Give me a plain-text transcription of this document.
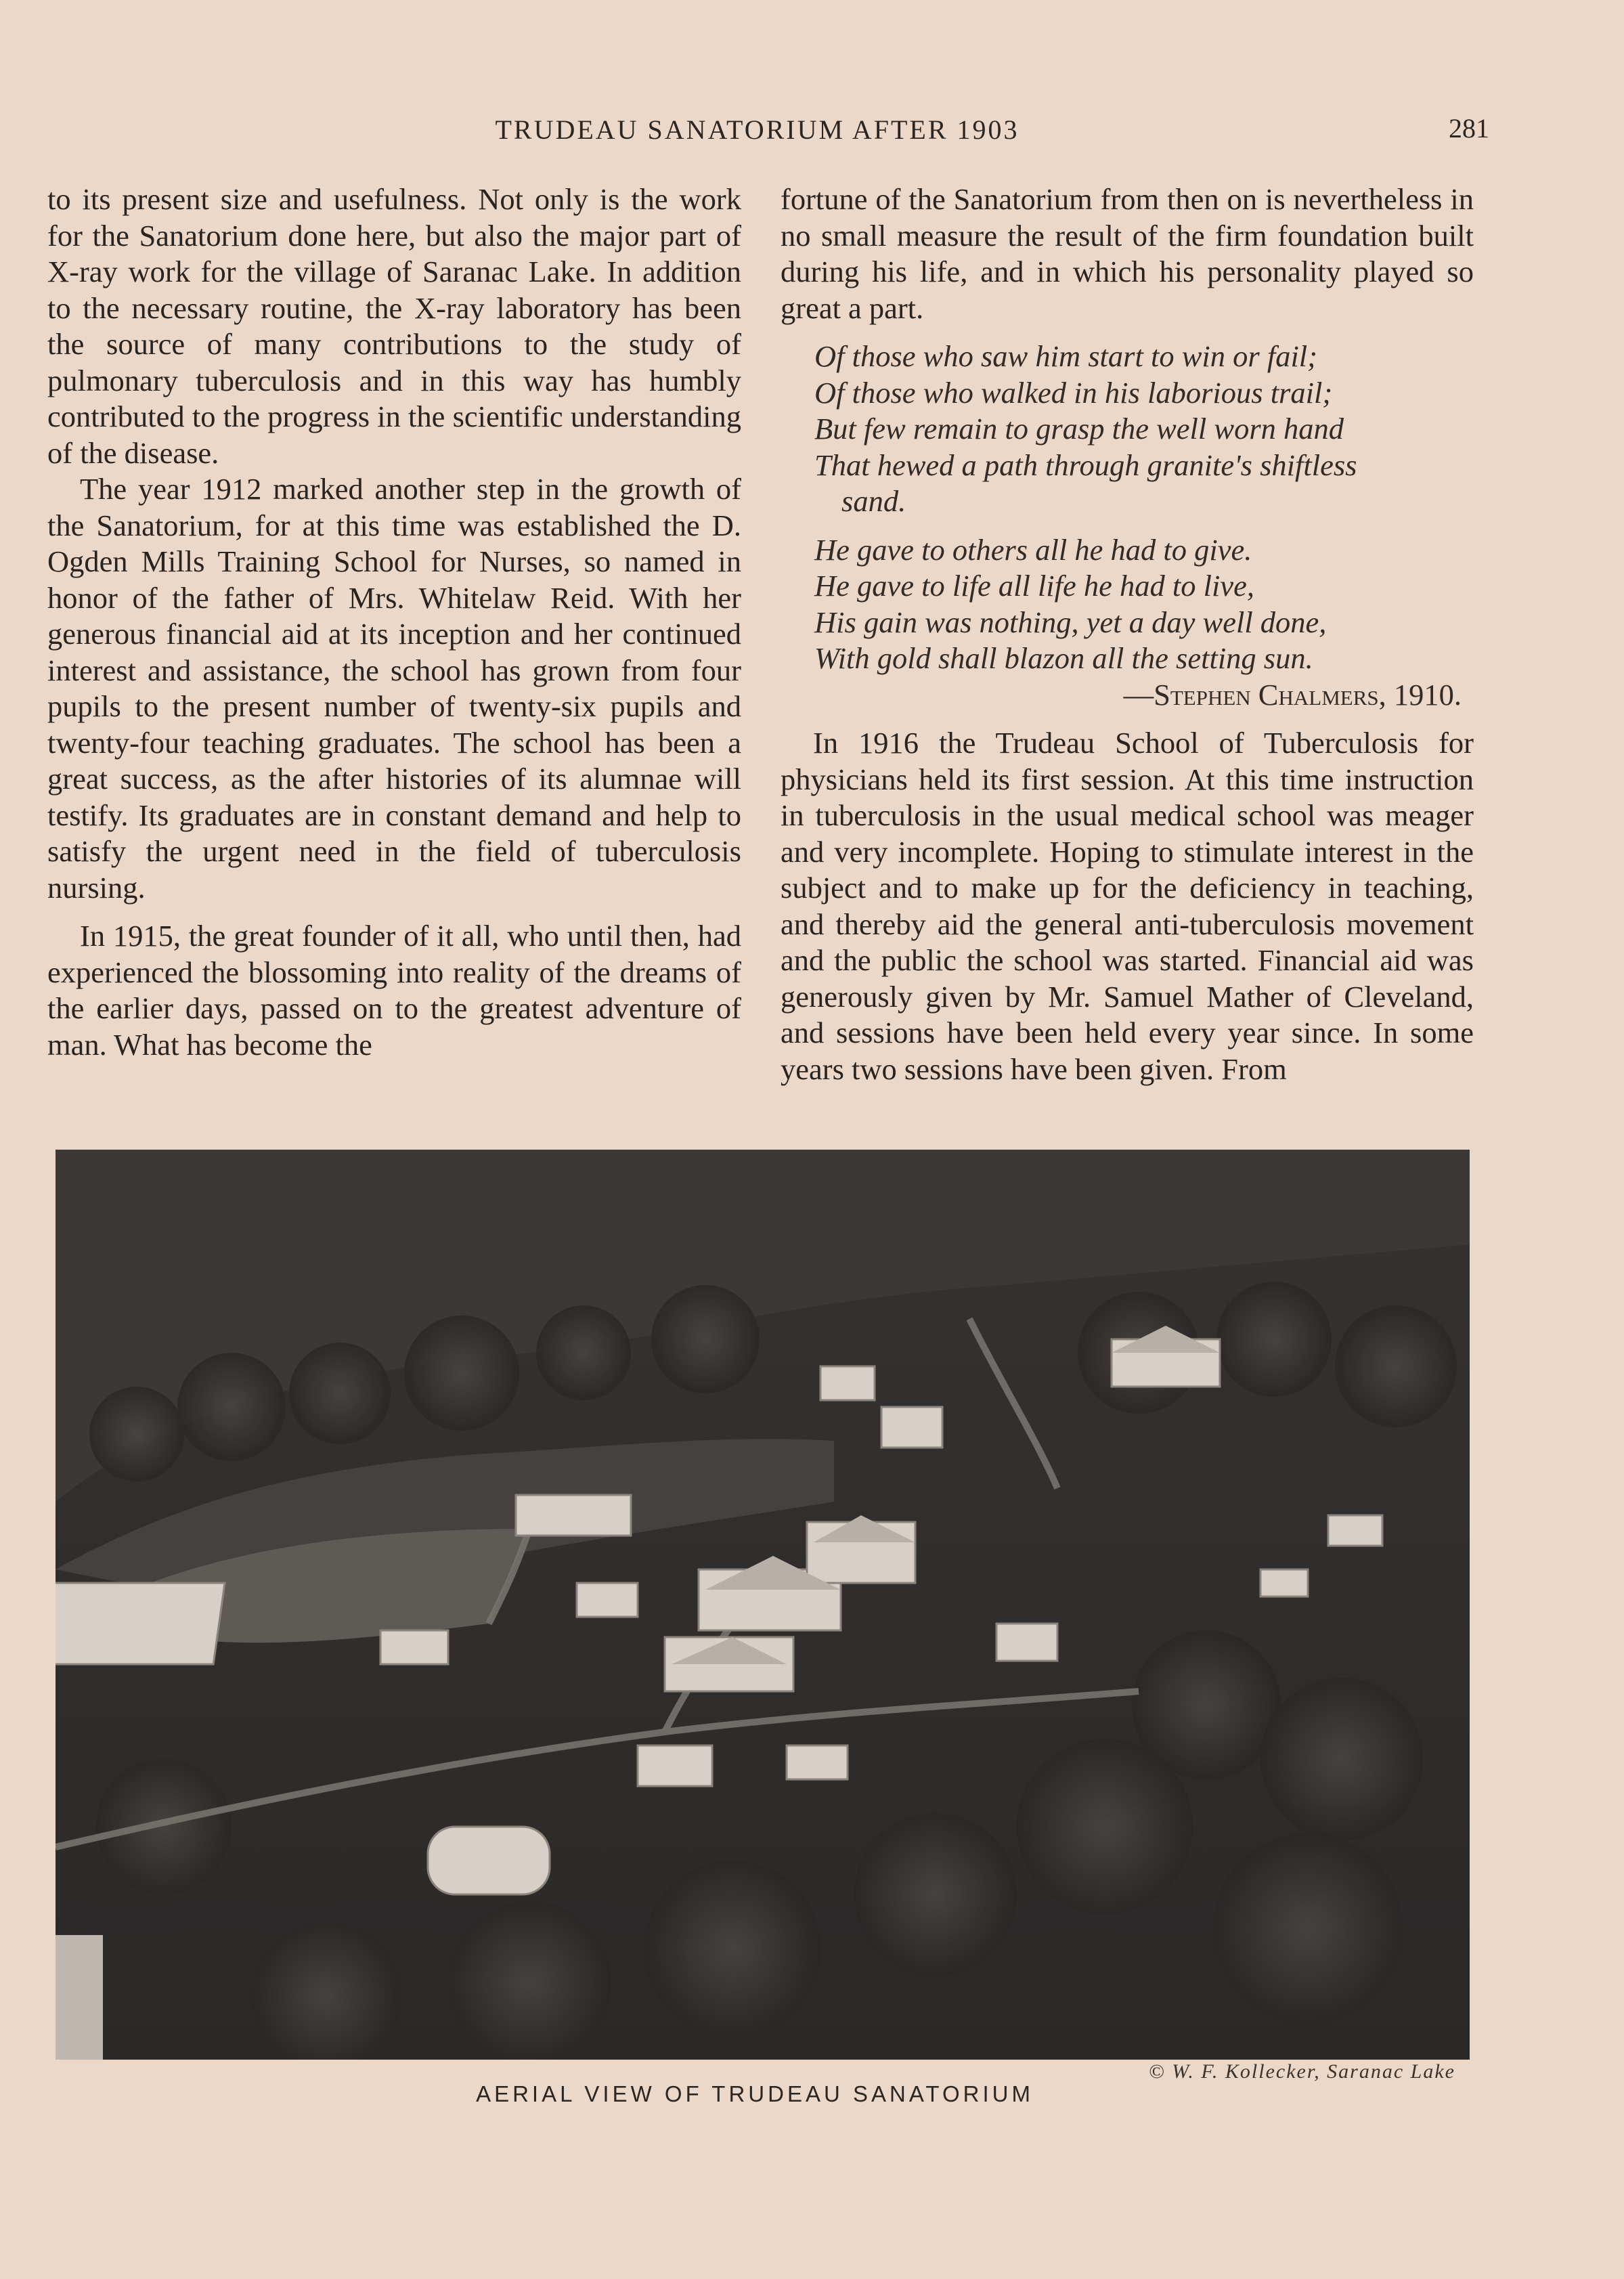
TRUDEAU SANATORIUM AFTER 1903	281

to its present size and usefulness. Not only is the work for the Sanatorium done here, but also the major part of X-ray work for the village of Saranac Lake. In addition to the necessary routine, the X-ray laboratory has been the source of many contributions to the study of pulmonary tuberculosis and in this way has humbly contributed to the progress in the scientific understanding of the disease.

The year 1912 marked another step in the growth of the Sanatorium, for at this time was established the D. Ogden Mills Training School for Nurses, so named in honor of the father of Mrs. Whitelaw Reid. With her generous financial aid at its inception and her continued interest and assistance, the school has grown from four pupils to the present number of twenty-six pupils and twenty-four teaching graduates. The school has been a great success, as the after histories of its alumnae will testify. Its graduates are in constant demand and help to satisfy the urgent need in the field of tuberculosis nursing.

In 1915, the great founder of it all, who until then, had experienced the blossoming into reality of the dreams of the earlier days, passed on to the greatest adventure of man. What has become the

fortune of the Sanatorium from then on is nevertheless in no small measure the result of the firm foundation built during his life, and in which his personality played so great a part.

Of those who saw him start to win or fail;
Of those who walked in his laborious trail;
But few remain to grasp the well worn hand
That hewed a path through granite's shiftless
sand.
He gave to others all he had to give.
He gave to life all life he had to live,
His gain was nothing, yet a day well done,
With gold shall blazon all the setting sun.
—Stephen Chalmers, 1910.

In 1916 the Trudeau School of Tuberculosis for physicians held its first session. At this time instruction in tuberculosis in the usual medical school was meager and very incomplete. Hoping to stimulate interest in the subject and to make up for the deficiency in teaching, and thereby aid the general anti-tuberculosis movement and the public the school was started. Financial aid was generously given by Mr. Samuel Mather of Cleveland, and sessions have been held every year since. In some years two sessions have been given. From

© W. F. Kollecker, Saranac Lake
AERIAL VIEW OF TRUDEAU SANATORIUM
